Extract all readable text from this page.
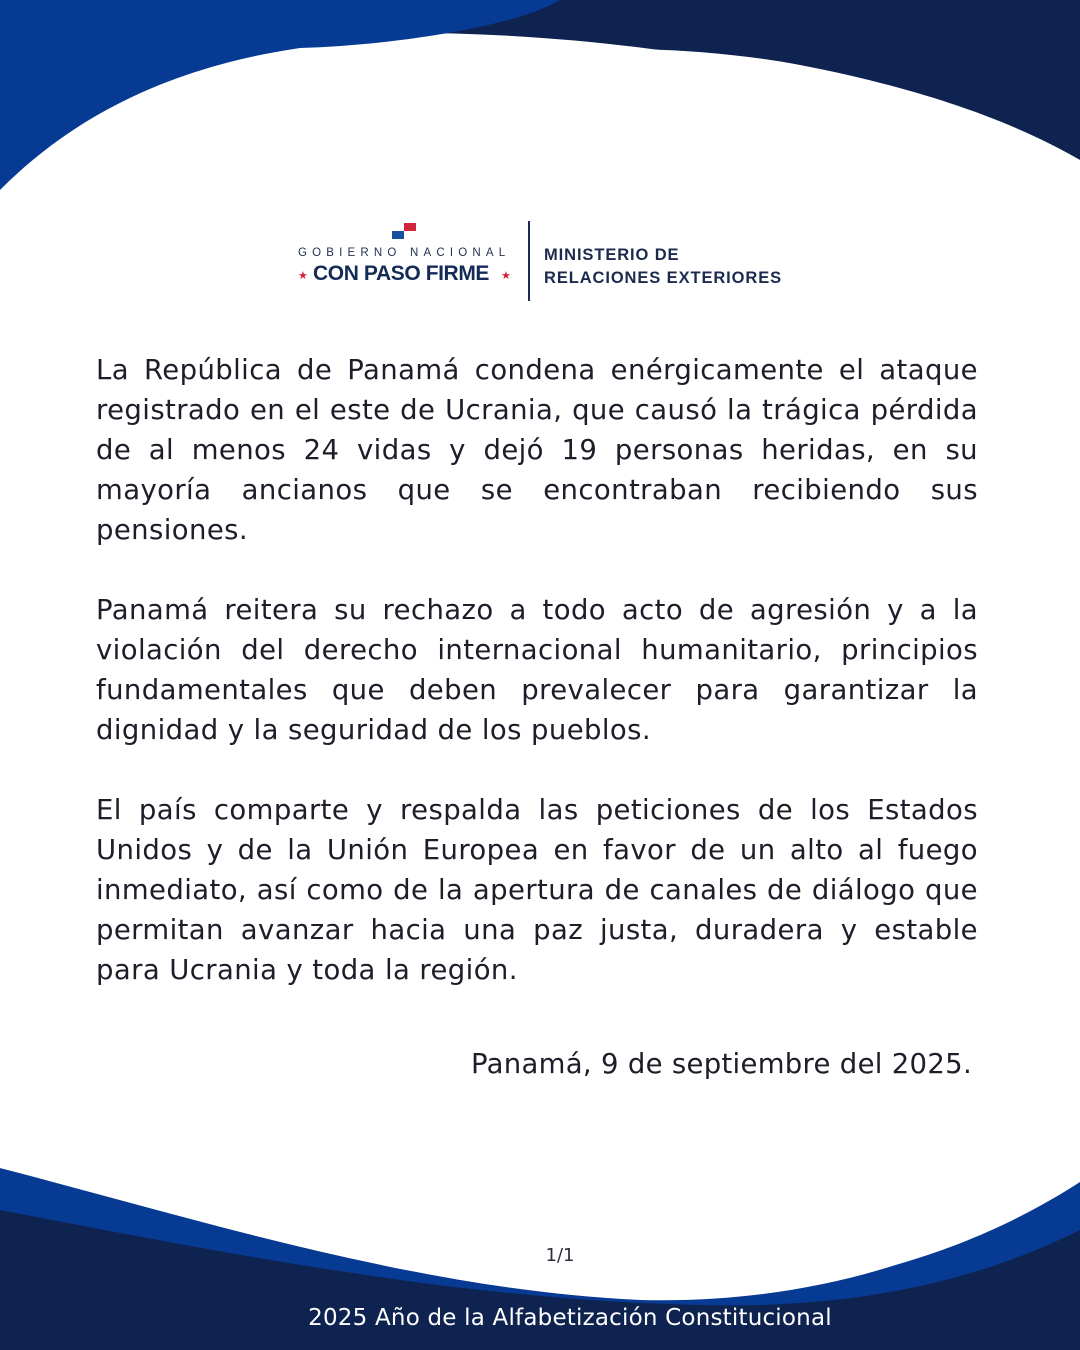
GOBIERNO NACIONAL
★ CON PASO FIRME ★
MINISTERIO DE
RELACIONES EXTERIORES

La República de Panamá condena enérgicamente el ataque registrado en el este de Ucrania, que causó la trágica pérdida de al menos 24 vidas y dejó 19 personas heridas, en su mayoría ancianos que se encontraban recibiendo sus pensiones.

Panamá reitera su rechazo a todo acto de agresión y a la violación del derecho internacional humanitario, principios fundamentales que deben prevalecer para garantizar la dignidad y la seguridad de los pueblos.

El país comparte y respalda las peticiones de los Estados Unidos y de la Unión Europea en favor de un alto al fuego inmediato, así como de la apertura de canales de diálogo que permitan avanzar hacia una paz justa, duradera y estable para Ucrania y toda la región.

Panamá, 9 de septiembre del 2025.
1/1
2025 Año de la Alfabetización Constitucional
